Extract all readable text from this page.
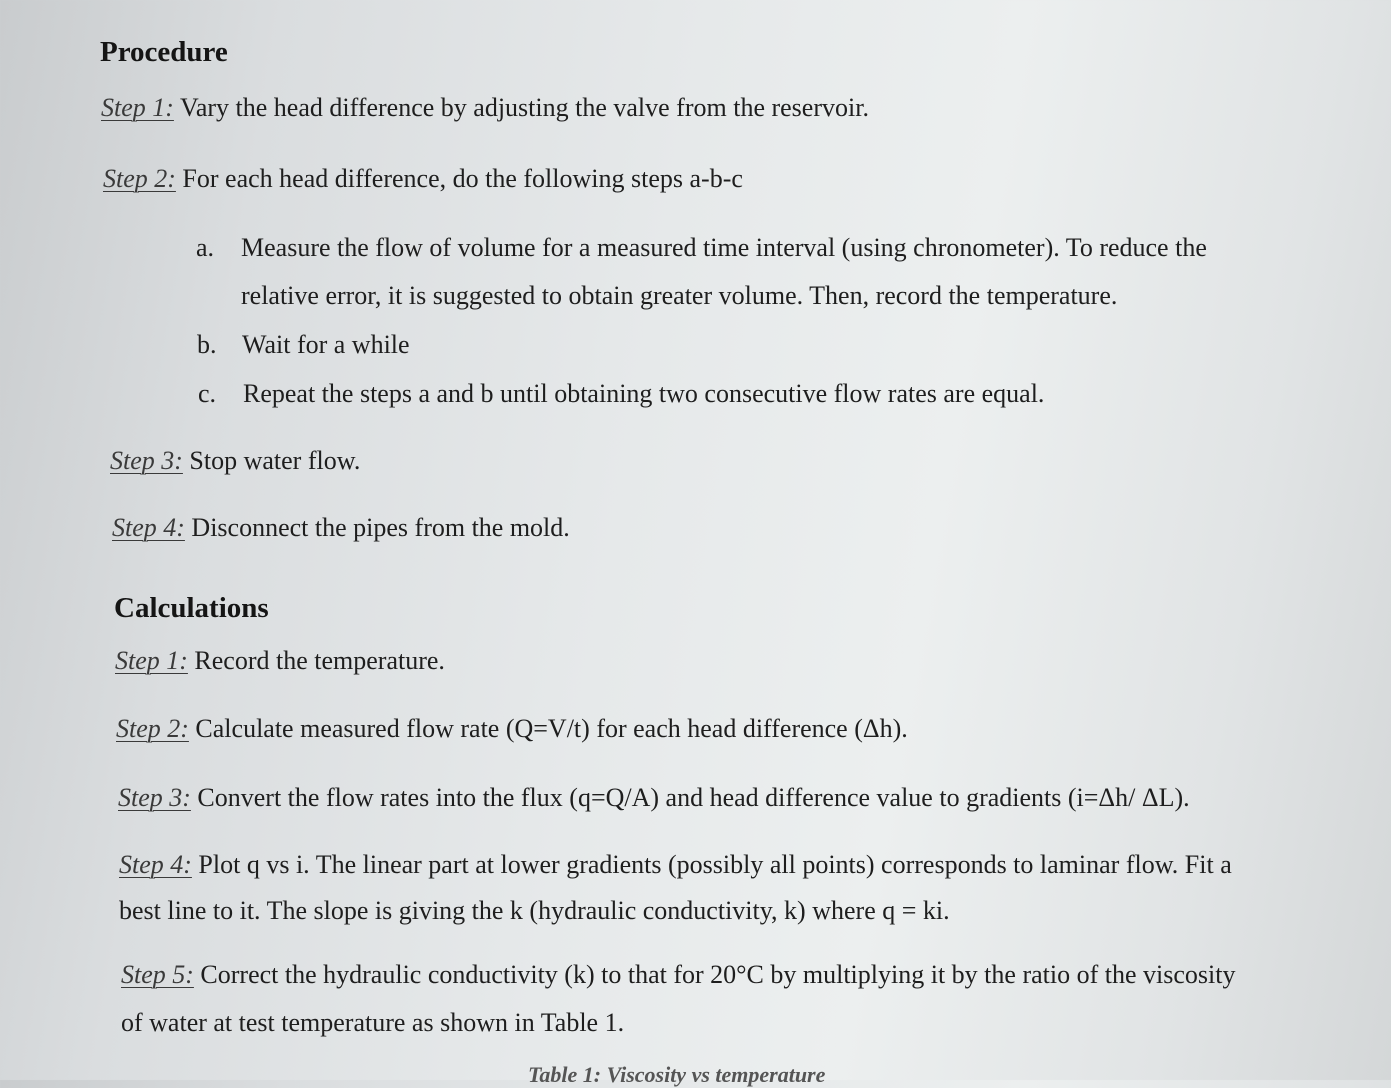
Procedure

Step 1: Vary the head difference by adjusting the valve from the reservoir.

Step 2: For each head difference, do the following steps a-b-c

a.	Measure the flow of volume for a measured time interval (using chronometer). To reduce the relative error, it is suggested to obtain greater volume. Then, record the temperature.
b. Wait for a while
c.	Repeat the steps a and b until obtaining two consecutive flow rates are equal.

Step 3: Stop water flow.

Step 4: Disconnect the pipes from the mold.

Calculations

Step 1: Record the temperature.

Step 2: Calculate measured flow rate (Q=V/t) for each head difference (Δh).

Step 3: Convert the flow rates into the flux (q=Q/A) and head difference value to gradients (i=Δh/ ΔL).

Step 4: Plot q vs i. The linear part at lower gradients (possibly all points) corresponds to laminar flow. Fit a best line to it. The slope is giving the k (hydraulic conductivity, k) where q = ki.

Step 5: Correct the hydraulic conductivity (k) to that for 20°C by multiplying it by the ratio of the viscosity of water at test temperature as shown in Table 1.

Table 1: Viscosity vs temperature
